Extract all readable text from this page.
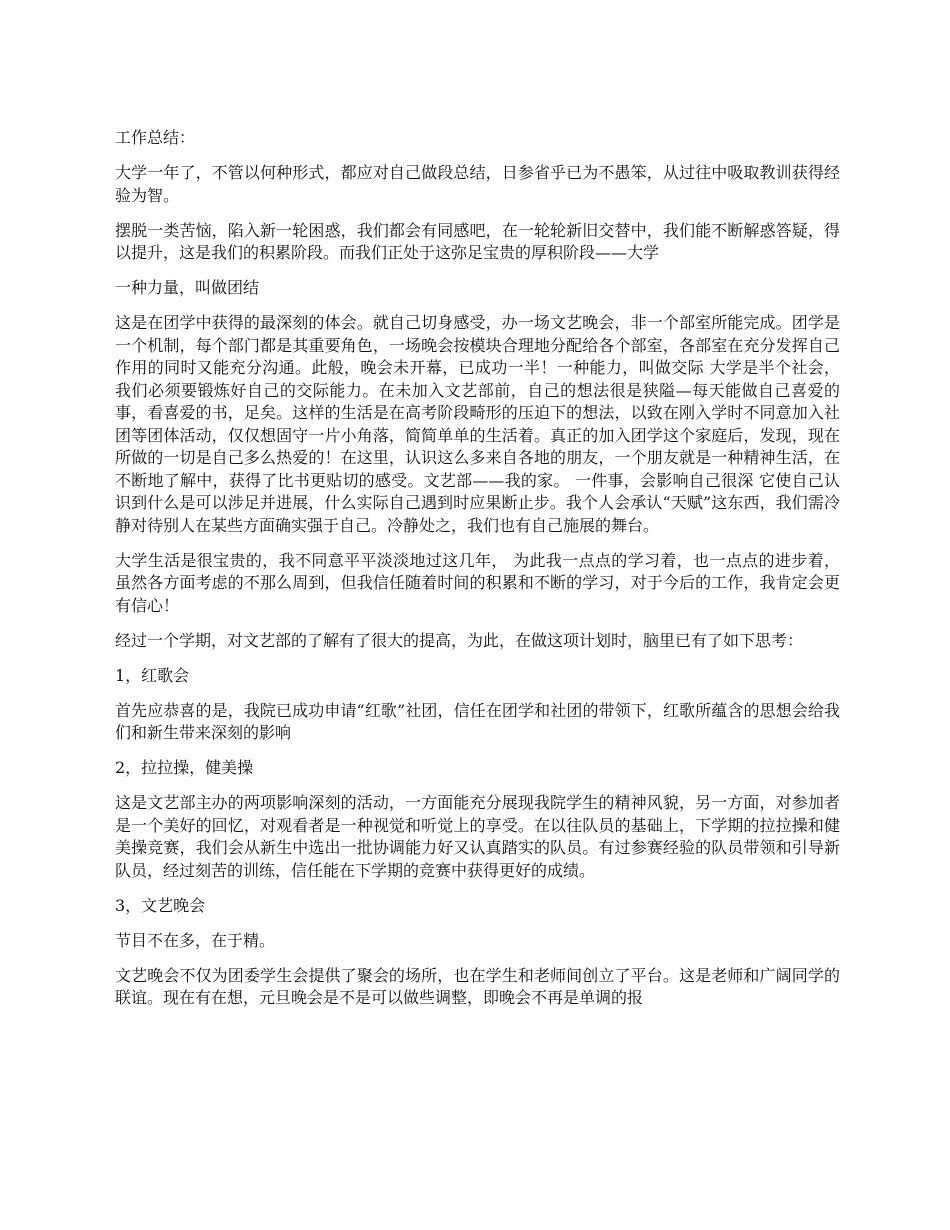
工作总结：

大学一年了，不管以何种形式，都应对自己做段总结，日参省乎已为不愚笨，从过往中吸取教训获得经验为智。

摆脱一类苦恼，陷入新一轮困惑，我们都会有同感吧，在一轮轮新旧交替中，我们能不断解惑答疑，得以提升，这是我们的积累阶段。而我们正处于这弥足宝贵的厚积阶段——大学

一种力量，叫做团结

这是在团学中获得的最深刻的体会。就自己切身感受，办一场文艺晚会，非一个部室所能完成。团学是一个机制，每个部门都是其重要角色，一场晚会按模块合理地分配给各个部室，各部室在充分发挥自己作用的同时又能充分沟通。此般，晚会未开幕，已成功一半！一种能力，叫做交际 大学是半个社会，我们必须要锻炼好自己的交际能力。在未加入文艺部前，自己的想法很是狭隘—每天能做自己喜爱的事，看喜爱的书，足矣。这样的生活是在高考阶段畸形的压迫下的想法，以致在刚入学时不同意加入社团等团体活动，仅仅想固守一片小角落，简简单单的生活着。真正的加入团学这个家庭后，发现，现在所做的一切是自己多么热爱的！在这里，认识这么多来自各地的朋友，一个朋友就是一种精神生活，在不断地了解中，获得了比书更贴切的感受。文艺部——我的家。 一件事，会影响自己很深 它使自己认识到什么是可以涉足并进展，什么实际自己遇到时应果断止步。我个人会承认“天赋”这东西，我们需冷静对待别人在某些方面确实强于自己。冷静处之，我们也有自己施展的舞台。

大学生活是很宝贵的，我不同意平平淡淡地过这几年， 为此我一点点的学习着，也一点点的进步着，虽然各方面考虑的不那么周到，但我信任随着时间的积累和不断的学习，对于今后的工作，我肯定会更有信心！

经过一个学期，对文艺部的了解有了很大的提高，为此，在做这项计划时，脑里已有了如下思考：

1，红歌会

首先应恭喜的是，我院已成功申请“红歌”社团，信任在团学和社团的带领下，红歌所蕴含的思想会给我们和新生带来深刻的影响

2，拉拉操，健美操

这是文艺部主办的两项影响深刻的活动，一方面能充分展现我院学生的精神风貌，另一方面，对参加者是一个美好的回忆，对观看者是一种视觉和听觉上的享受。在以往队员的基础上，下学期的拉拉操和健美操竞赛，我们会从新生中选出一批协调能力好又认真踏实的队员。有过参赛经验的队员带领和引导新队员，经过刻苦的训练，信任能在下学期的竞赛中获得更好的成绩。

3，文艺晚会

节目不在多，在于精。

文艺晚会不仅为团委学生会提供了聚会的场所，也在学生和老师间创立了平台。这是老师和广阔同学的联谊。现在有在想，元旦晚会是不是可以做些调整，即晚会不再是单调的报
